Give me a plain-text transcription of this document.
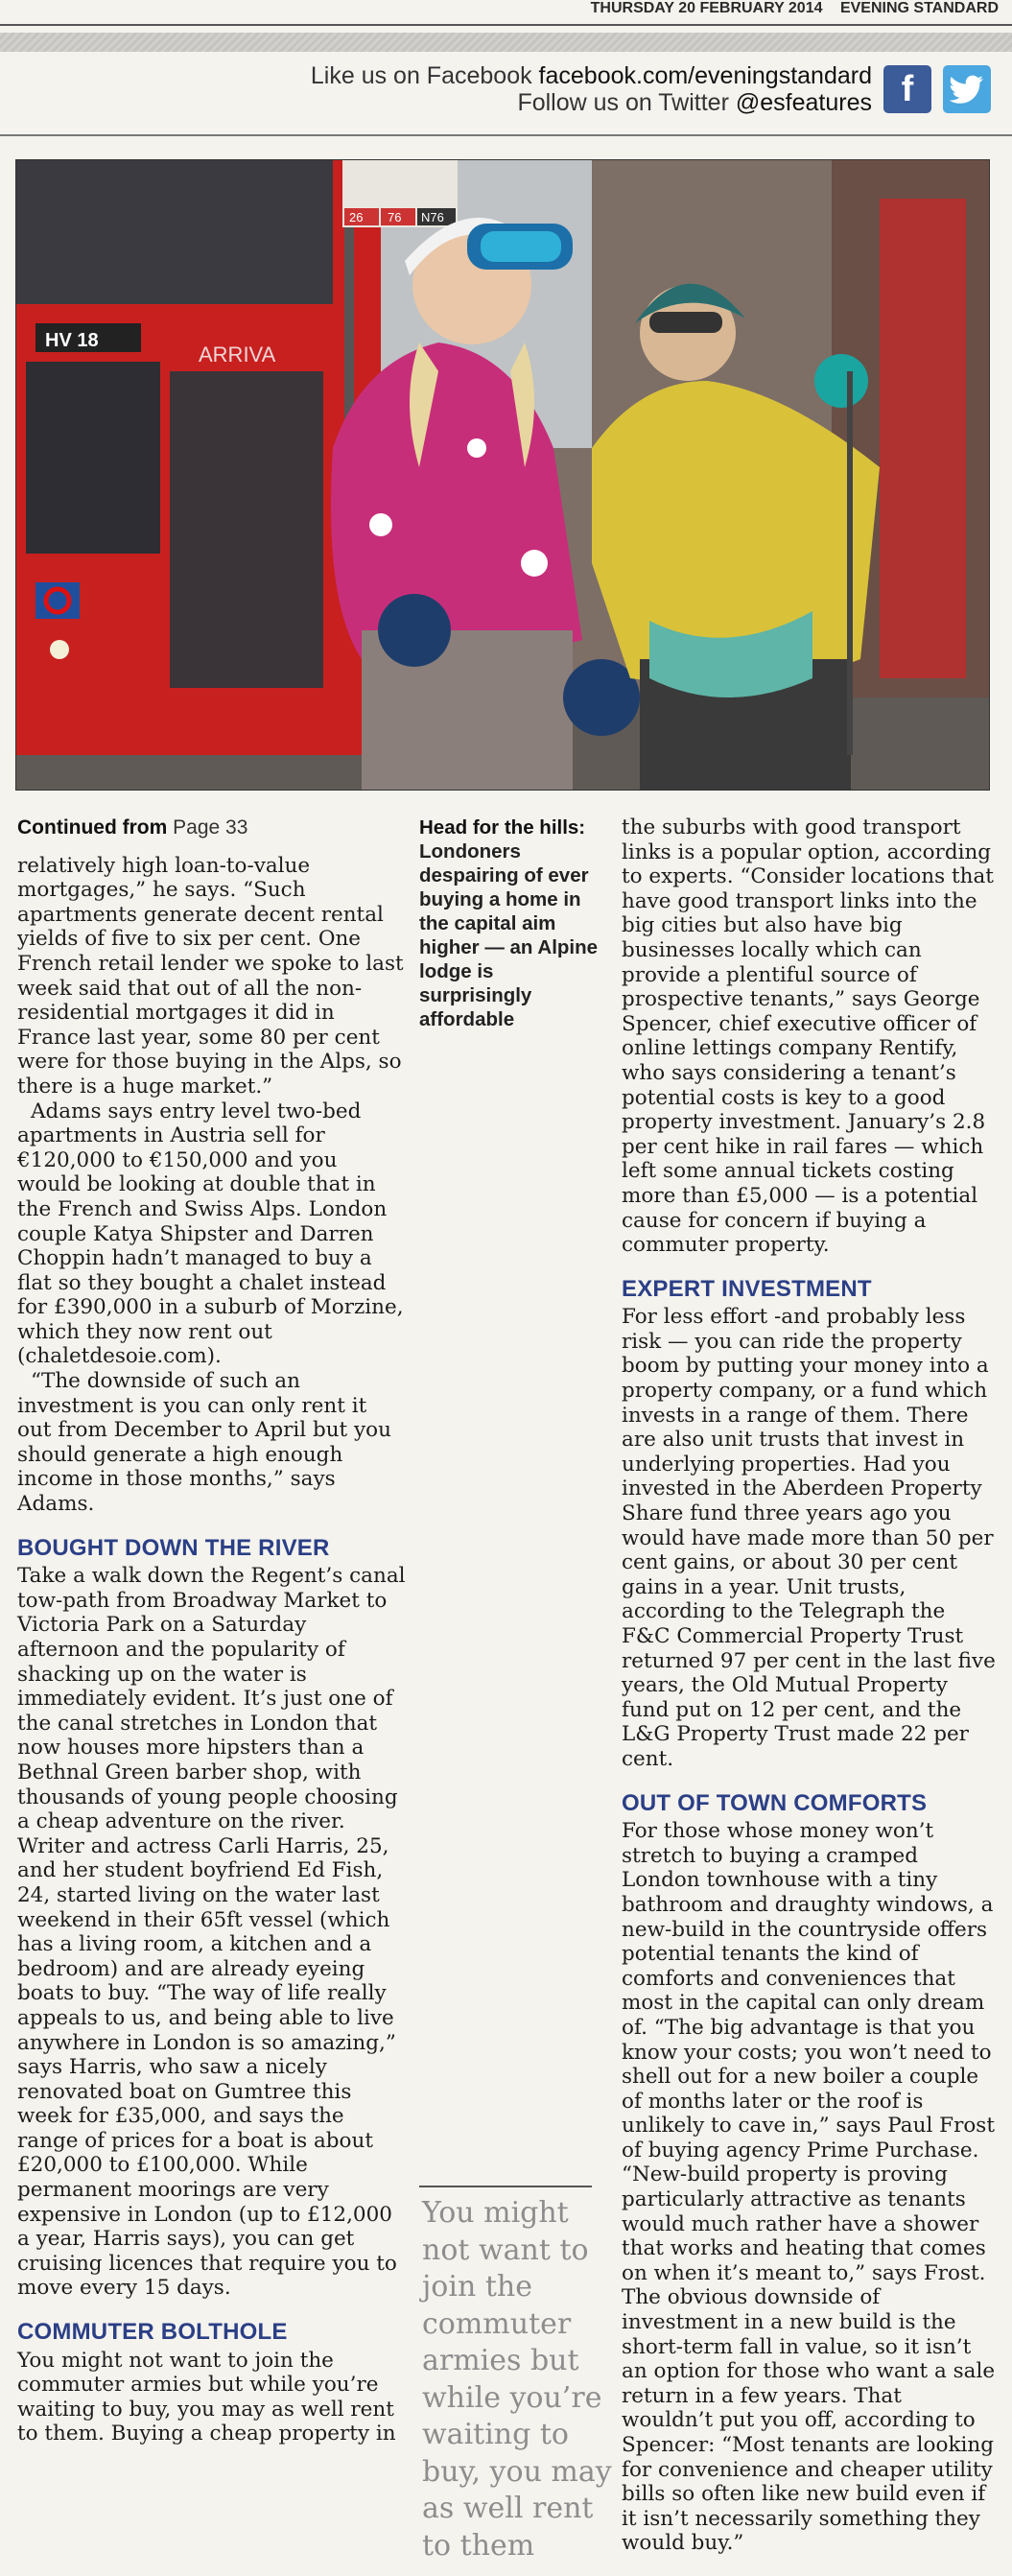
THURSDAY 20 FEBRUARY 2014 EVENING STANDARD
Like us on Facebook facebook.com/eveningstandard
Follow us on Twitter @esfeatures f
HV 18
ARRIVA
26 76 N76
Continued from Page 33

relatively high loan-to-value mortgages,” he says. “Such apartments generate decent rental yields of five to six per cent. One French retail lender we spoke to last week said that out of all the non-residential mortgages it did in France last year, some 80 per cent were for those buying in the Alps, so there is a huge market.”

Adams says entry level two-bed apartments in Austria sell for €120,000 to €150,000 and you would be looking at double that in the French and Swiss Alps. London couple Katya Shipster and Darren Choppin hadn’t managed to buy a flat so they bought a chalet instead for £390,000 in a suburb of Morzine, which they now rent out (chaletdesoie.com).

“The downside of such an investment is you can only rent it out from December to April but you should generate a high enough income in those months,” says Adams.

BOUGHT DOWN THE RIVER

Take a walk down the Regent’s canal tow-path from Broadway Market to Victoria Park on a Saturday afternoon and the popularity of shacking up on the water is immediately evident. It’s just one of the canal stretches in London that now houses more hipsters than a Bethnal Green barber shop, with thousands of young people choosing a cheap adventure on the river. Writer and actress Carli Harris, 25, and her student boyfriend Ed Fish, 24, started living on the water last weekend in their 65ft vessel (which has a living room, a kitchen and a bedroom) and are already eyeing boats to buy. “The way of life really appeals to us, and being able to live anywhere in London is so amazing,” says Harris, who saw a nicely renovated boat on Gumtree this week for £35,000, and says the range of prices for a boat is about £20,000 to £100,000. While permanent moorings are very expensive in London (up to £12,000 a year, Harris says), you can get cruising licences that require you to move every 15 days.

COMMUTER BOLTHOLE

You might not want to join the commuter armies but while you’re waiting to buy, you may as well rent to them. Buying a cheap property in

Head for the hills: Londoners despairing of ever buying a home in the capital aim higher — an Alpine lodge is surprisingly affordable
You might not want to join the commuter armies but while you’re waiting to buy, you may as well rent to them

the suburbs with good transport links is a popular option, according to experts. “Consider locations that have good transport links into the big cities but also have big businesses locally which can provide a plentiful source of prospective tenants,” says George Spencer, chief executive officer of online lettings company Rentify, who says considering a tenant’s potential costs is key to a good property investment. January’s 2.8 per cent hike in rail fares — which left some annual tickets costing more than £5,000 — is a potential cause for concern if buying a commuter property.

EXPERT INVESTMENT

For less effort -and probably less risk — you can ride the property boom by putting your money into a property company, or a fund which invests in a range of them. There are also unit trusts that invest in underlying properties. Had you invested in the Aberdeen Property Share fund three years ago you would have made more than 50 per cent gains, or about 30 per cent gains in a year. Unit trusts, according to the Telegraph the F&C Commercial Property Trust returned 97 per cent in the last five years, the Old Mutual Property fund put on 12 per cent, and the L&G Property Trust made 22 per cent.

OUT OF TOWN COMFORTS

For those whose money won’t stretch to buying a cramped London townhouse with a tiny bathroom and draughty windows, a new-build in the countryside offers potential tenants the kind of comforts and conveniences that most in the capital can only dream of. “The big advantage is that you know your costs; you won’t need to shell out for a new boiler a couple of months later or the roof is unlikely to cave in,” says Paul Frost of buying agency Prime Purchase. “New-build property is proving particularly attractive as tenants would much rather have a shower that works and heating that comes on when it’s meant to,” says Frost. The obvious downside of investment in a new build is the short-term fall in value, so it isn’t an option for those who want a sale return in a few years. That wouldn’t put you off, according to Spencer: “Most tenants are looking for convenience and cheaper utility bills so often like new build even if it isn’t necessarily something they would buy.”
